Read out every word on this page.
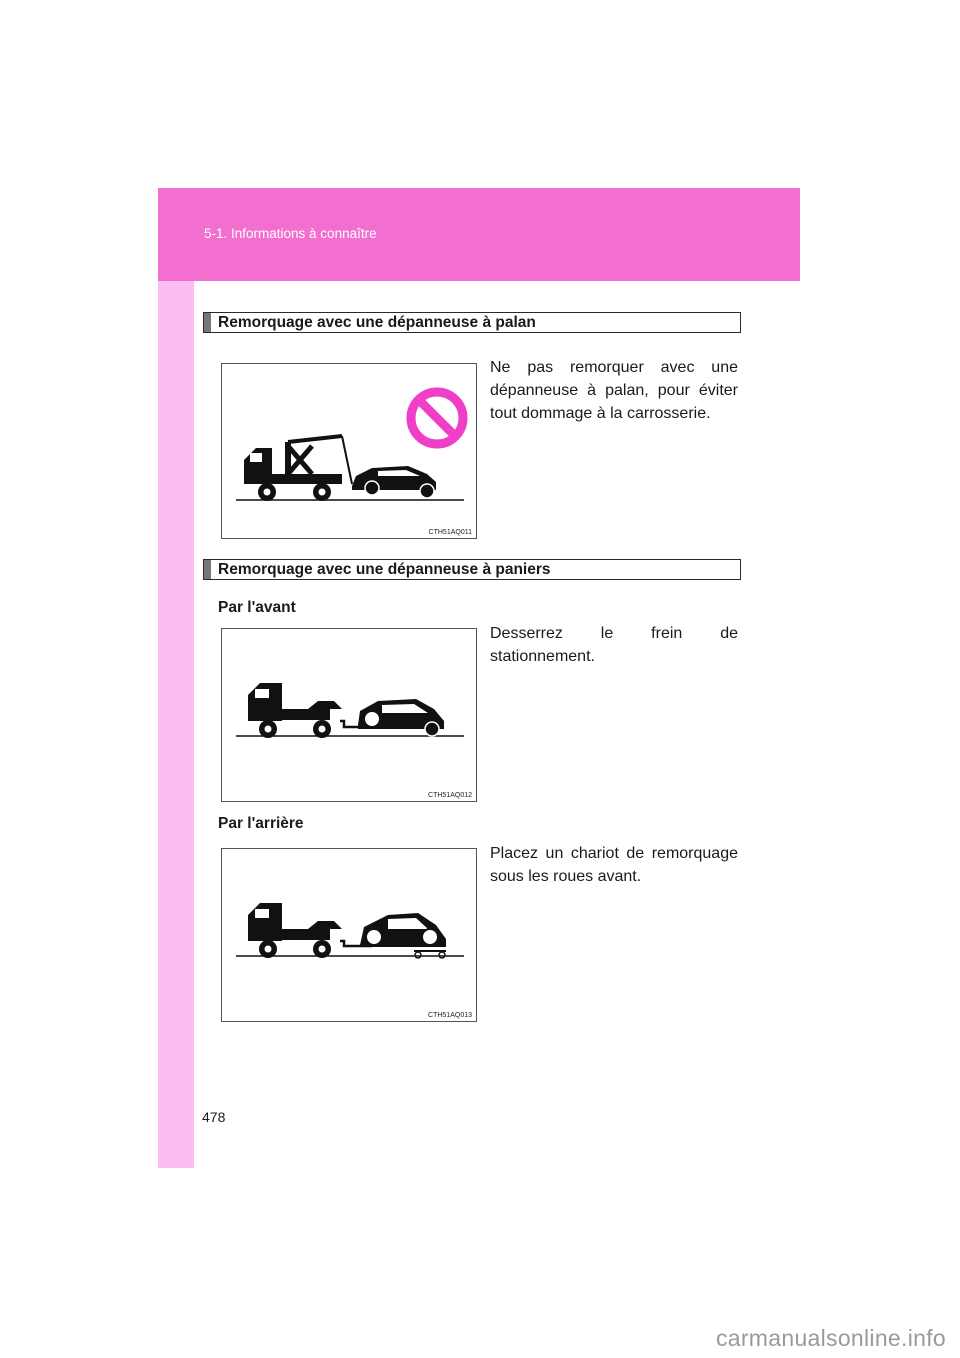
5-1. Informations à connaître
Remorquage avec une dépanneuse à palan
CTH51AQ011
Ne pas remorquer avec une dépanneuse à palan, pour éviter tout dommage à la carrosserie.
Remorquage avec une dépanneuse à paniers
Par l'avant
CTH51AQ012
Desserrez le frein de stationnement.
Par l'arrière
CTH51AQ013
Placez un chariot de remorquage sous les roues avant.
478
carmanualsonline.info
